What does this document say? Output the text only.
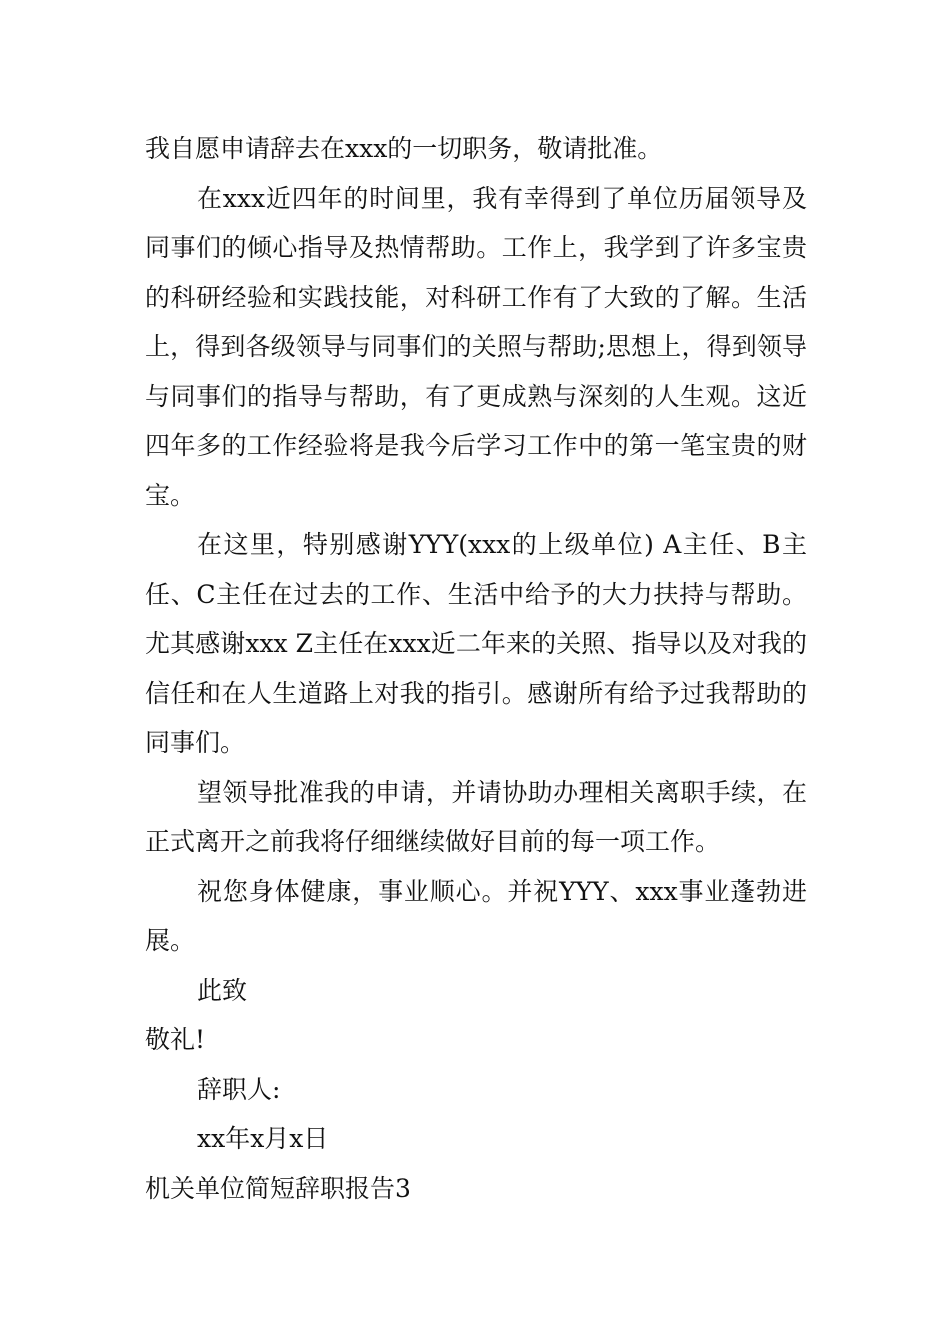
我自愿申请辞去在xxx的一切职务，敬请批准。

在xxx近四年的时间里，我有幸得到了单位历届领导及同事们的倾心指导及热情帮助。工作上，我学到了许多宝贵的科研经验和实践技能，对科研工作有了大致的了解。生活上，得到各级领导与同事们的关照与帮助;思想上，得到领导与同事们的指导与帮助，有了更成熟与深刻的人生观。这近四年多的工作经验将是我今后学习工作中的第一笔宝贵的财宝。

在这里，特别感谢YYY(xxx的上级单位) A主任、B主任、C主任在过去的工作、生活中给予的大力扶持与帮助。尤其感谢xxx Z主任在xxx近二年来的关照、指导以及对我的信任和在人生道路上对我的指引。感谢所有给予过我帮助的同事们。

望领导批准我的申请，并请协助办理相关离职手续，在正式离开之前我将仔细继续做好目前的每一项工作。

祝您身体健康，事业顺心。并祝YYY、xxx事业蓬勃进展。

此致

敬礼!

辞职人:

xx年x月x日

机关单位简短辞职报告3
